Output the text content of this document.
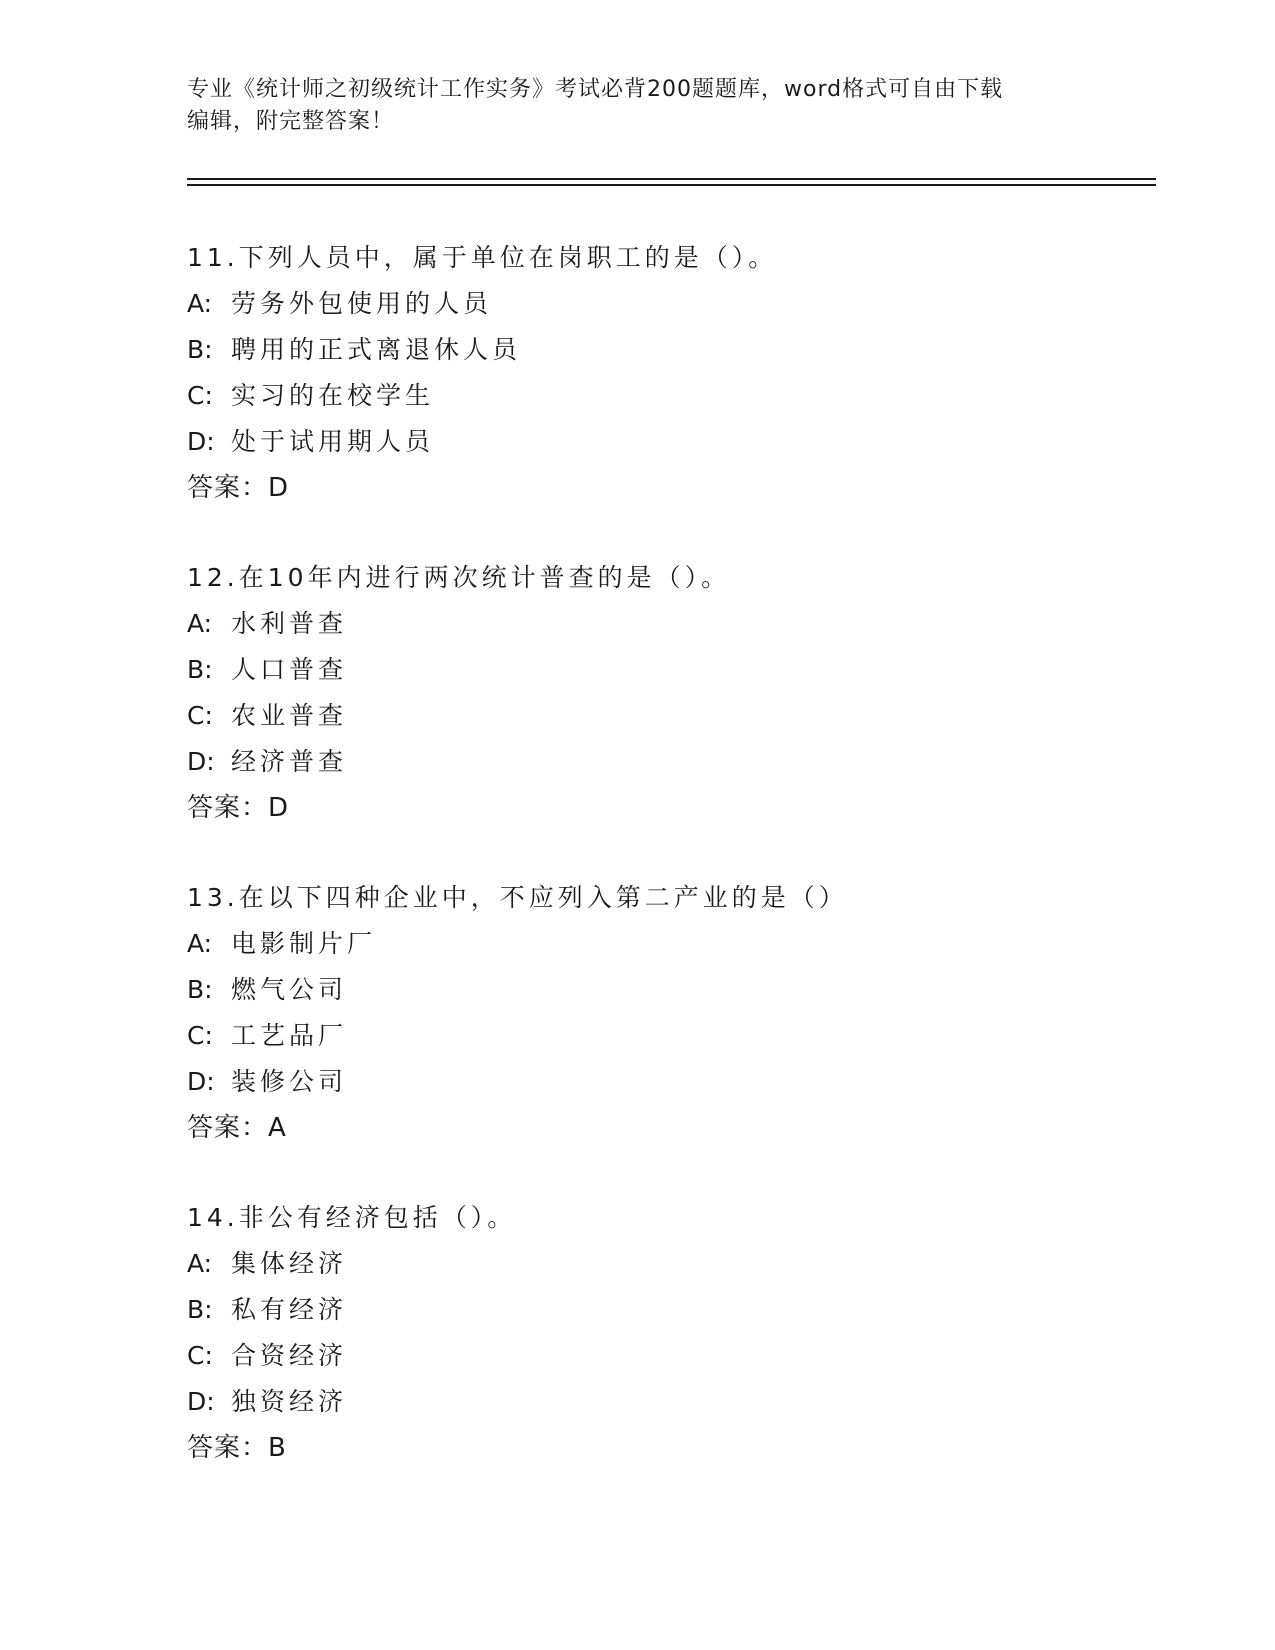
专业《统计师之初级统计工作实务》考试必背200题题库，word格式可自由下载
编辑，附完整答案！
11.下列人员中，属于单位在岗职工的是（）。
A: 劳务外包使用的人员
B: 聘用的正式离退休人员
C: 实习的在校学生
D: 处于试用期人员
答案：D
12.在10年内进行两次统计普查的是（）。
A: 水利普查
B: 人口普查
C: 农业普查
D: 经济普查
答案：D
13.在以下四种企业中，不应列入第二产业的是（）
A: 电影制片厂
B: 燃气公司
C: 工艺品厂
D: 装修公司
答案：A
14.非公有经济包括（）。
A: 集体经济
B: 私有经济
C: 合资经济
D: 独资经济
答案：B
